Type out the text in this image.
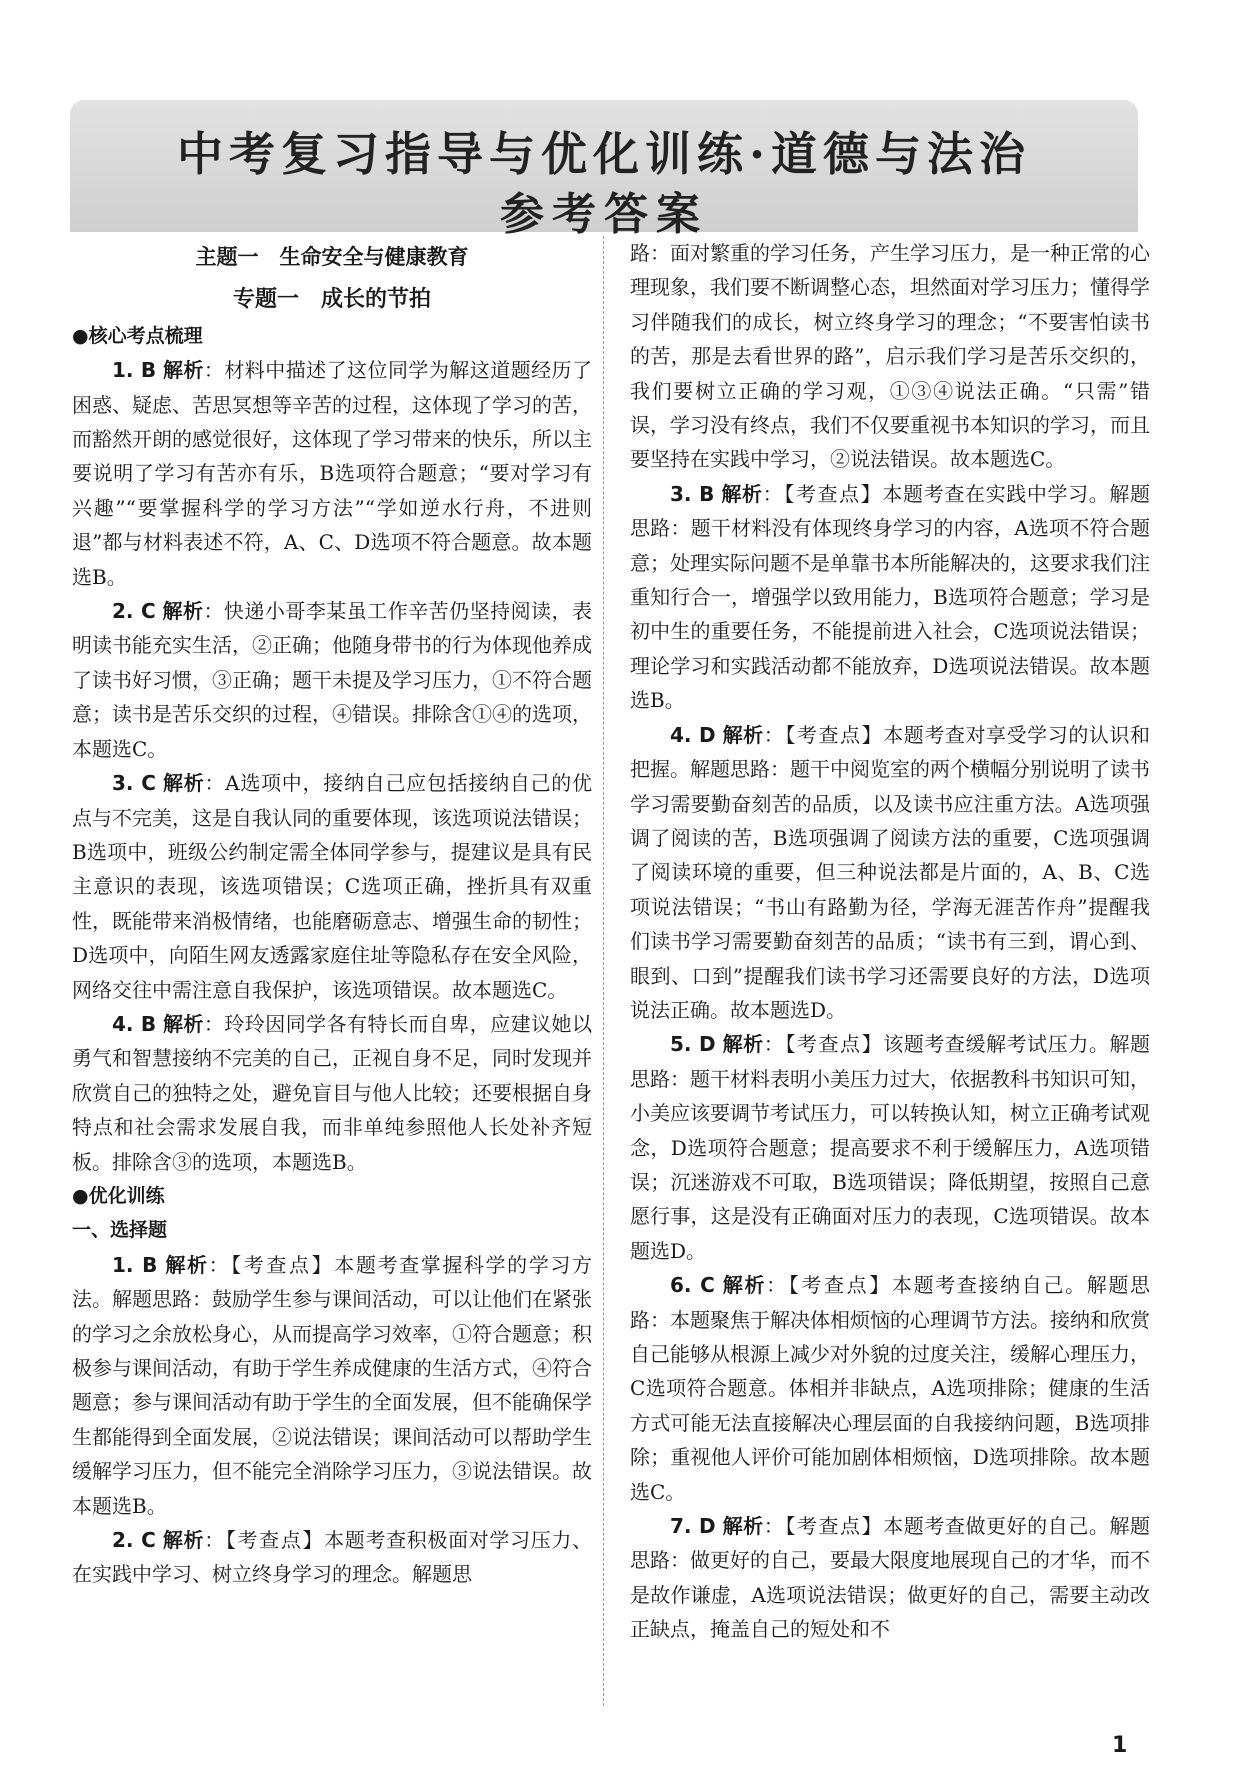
中考复习指导与优化训练·道德与法治
参考答案

主题一　生命安全与健康教育

专题一　成长的节拍

●核心考点梳理

1. B 解析：材料中描述了这位同学为解这道题经历了困惑、疑虑、苦思冥想等辛苦的过程，这体现了学习的苦，而豁然开朗的感觉很好，这体现了学习带来的快乐，所以主要说明了学习有苦亦有乐，B选项符合题意；“要对学习有兴趣”“要掌握科学的学习方法”“学如逆水行舟，不进则退”都与材料表述不符，A、C、D选项不符合题意。故本题选B。

2. C 解析：快递小哥李某虽工作辛苦仍坚持阅读，表明读书能充实生活，②正确；他随身带书的行为体现他养成了读书好习惯，③正确；题干未提及学习压力，①不符合题意；读书是苦乐交织的过程，④错误。排除含①④的选项，本题选C。

3. C 解析：A选项中，接纳自己应包括接纳自己的优点与不完美，这是自我认同的重要体现，该选项说法错误；B选项中，班级公约制定需全体同学参与，提建议是具有民主意识的表现，该选项错误；C选项正确，挫折具有双重性，既能带来消极情绪，也能磨砺意志、增强生命的韧性；D选项中，向陌生网友透露家庭住址等隐私存在安全风险，网络交往中需注意自我保护，该选项错误。故本题选C。

4. B 解析：玲玲因同学各有特长而自卑，应建议她以勇气和智慧接纳不完美的自己，正视自身不足，同时发现并欣赏自己的独特之处，避免盲目与他人比较；还要根据自身特点和社会需求发展自我，而非单纯参照他人长处补齐短板。排除含③的选项，本题选B。

●优化训练

一、选择题

1. B 解析：【考查点】本题考查掌握科学的学习方法。解题思路：鼓励学生参与课间活动，可以让他们在紧张的学习之余放松身心，从而提高学习效率，①符合题意；积极参与课间活动，有助于学生养成健康的生活方式，④符合题意；参与课间活动有助于学生的全面发展，但不能确保学生都能得到全面发展，②说法错误；课间活动可以帮助学生缓解学习压力，但不能完全消除学习压力，③说法错误。故本题选B。

2. C 解析：【考查点】本题考查积极面对学习压力、在实践中学习、树立终身学习的理念。解题思

路：面对繁重的学习任务，产生学习压力，是一种正常的心理现象，我们要不断调整心态，坦然面对学习压力；懂得学习伴随我们的成长，树立终身学习的理念；“不要害怕读书的苦，那是去看世界的路”，启示我们学习是苦乐交织的，我们要树立正确的学习观，①③④说法正确。“只需”错误，学习没有终点，我们不仅要重视书本知识的学习，而且要坚持在实践中学习，②说法错误。故本题选C。

3. B 解析：【考查点】本题考查在实践中学习。解题思路：题干材料没有体现终身学习的内容，A选项不符合题意；处理实际问题不是单靠书本所能解决的，这要求我们注重知行合一，增强学以致用能力，B选项符合题意；学习是初中生的重要任务，不能提前进入社会，C选项说法错误；理论学习和实践活动都不能放弃，D选项说法错误。故本题选B。

4. D 解析：【考查点】本题考查对享受学习的认识和把握。解题思路：题干中阅览室的两个横幅分别说明了读书学习需要勤奋刻苦的品质，以及读书应注重方法。A选项强调了阅读的苦，B选项强调了阅读方法的重要，C选项强调了阅读环境的重要，但三种说法都是片面的，A、B、C选项说法错误；“书山有路勤为径，学海无涯苦作舟”提醒我们读书学习需要勤奋刻苦的品质；“读书有三到，谓心到、眼到、口到”提醒我们读书学习还需要良好的方法，D选项说法正确。故本题选D。

5. D 解析：【考查点】该题考查缓解考试压力。解题思路：题干材料表明小美压力过大，依据教科书知识可知，小美应该要调节考试压力，可以转换认知，树立正确考试观念，D选项符合题意；提高要求不利于缓解压力，A选项错误；沉迷游戏不可取，B选项错误；降低期望，按照自己意愿行事，这是没有正确面对压力的表现，C选项错误。故本题选D。

6. C 解析：【考查点】本题考查接纳自己。解题思路：本题聚焦于解决体相烦恼的心理调节方法。接纳和欣赏自己能够从根源上减少对外貌的过度关注，缓解心理压力，C选项符合题意。体相并非缺点，A选项排除；健康的生活方式可能无法直接解决心理层面的自我接纳问题，B选项排除；重视他人评价可能加剧体相烦恼，D选项排除。故本题选C。

7. D 解析：【考查点】本题考查做更好的自己。解题思路：做更好的自己，要最大限度地展现自己的才华，而不是故作谦虚，A选项说法错误；做更好的自己，需要主动改正缺点，掩盖自己的短处和不

1
